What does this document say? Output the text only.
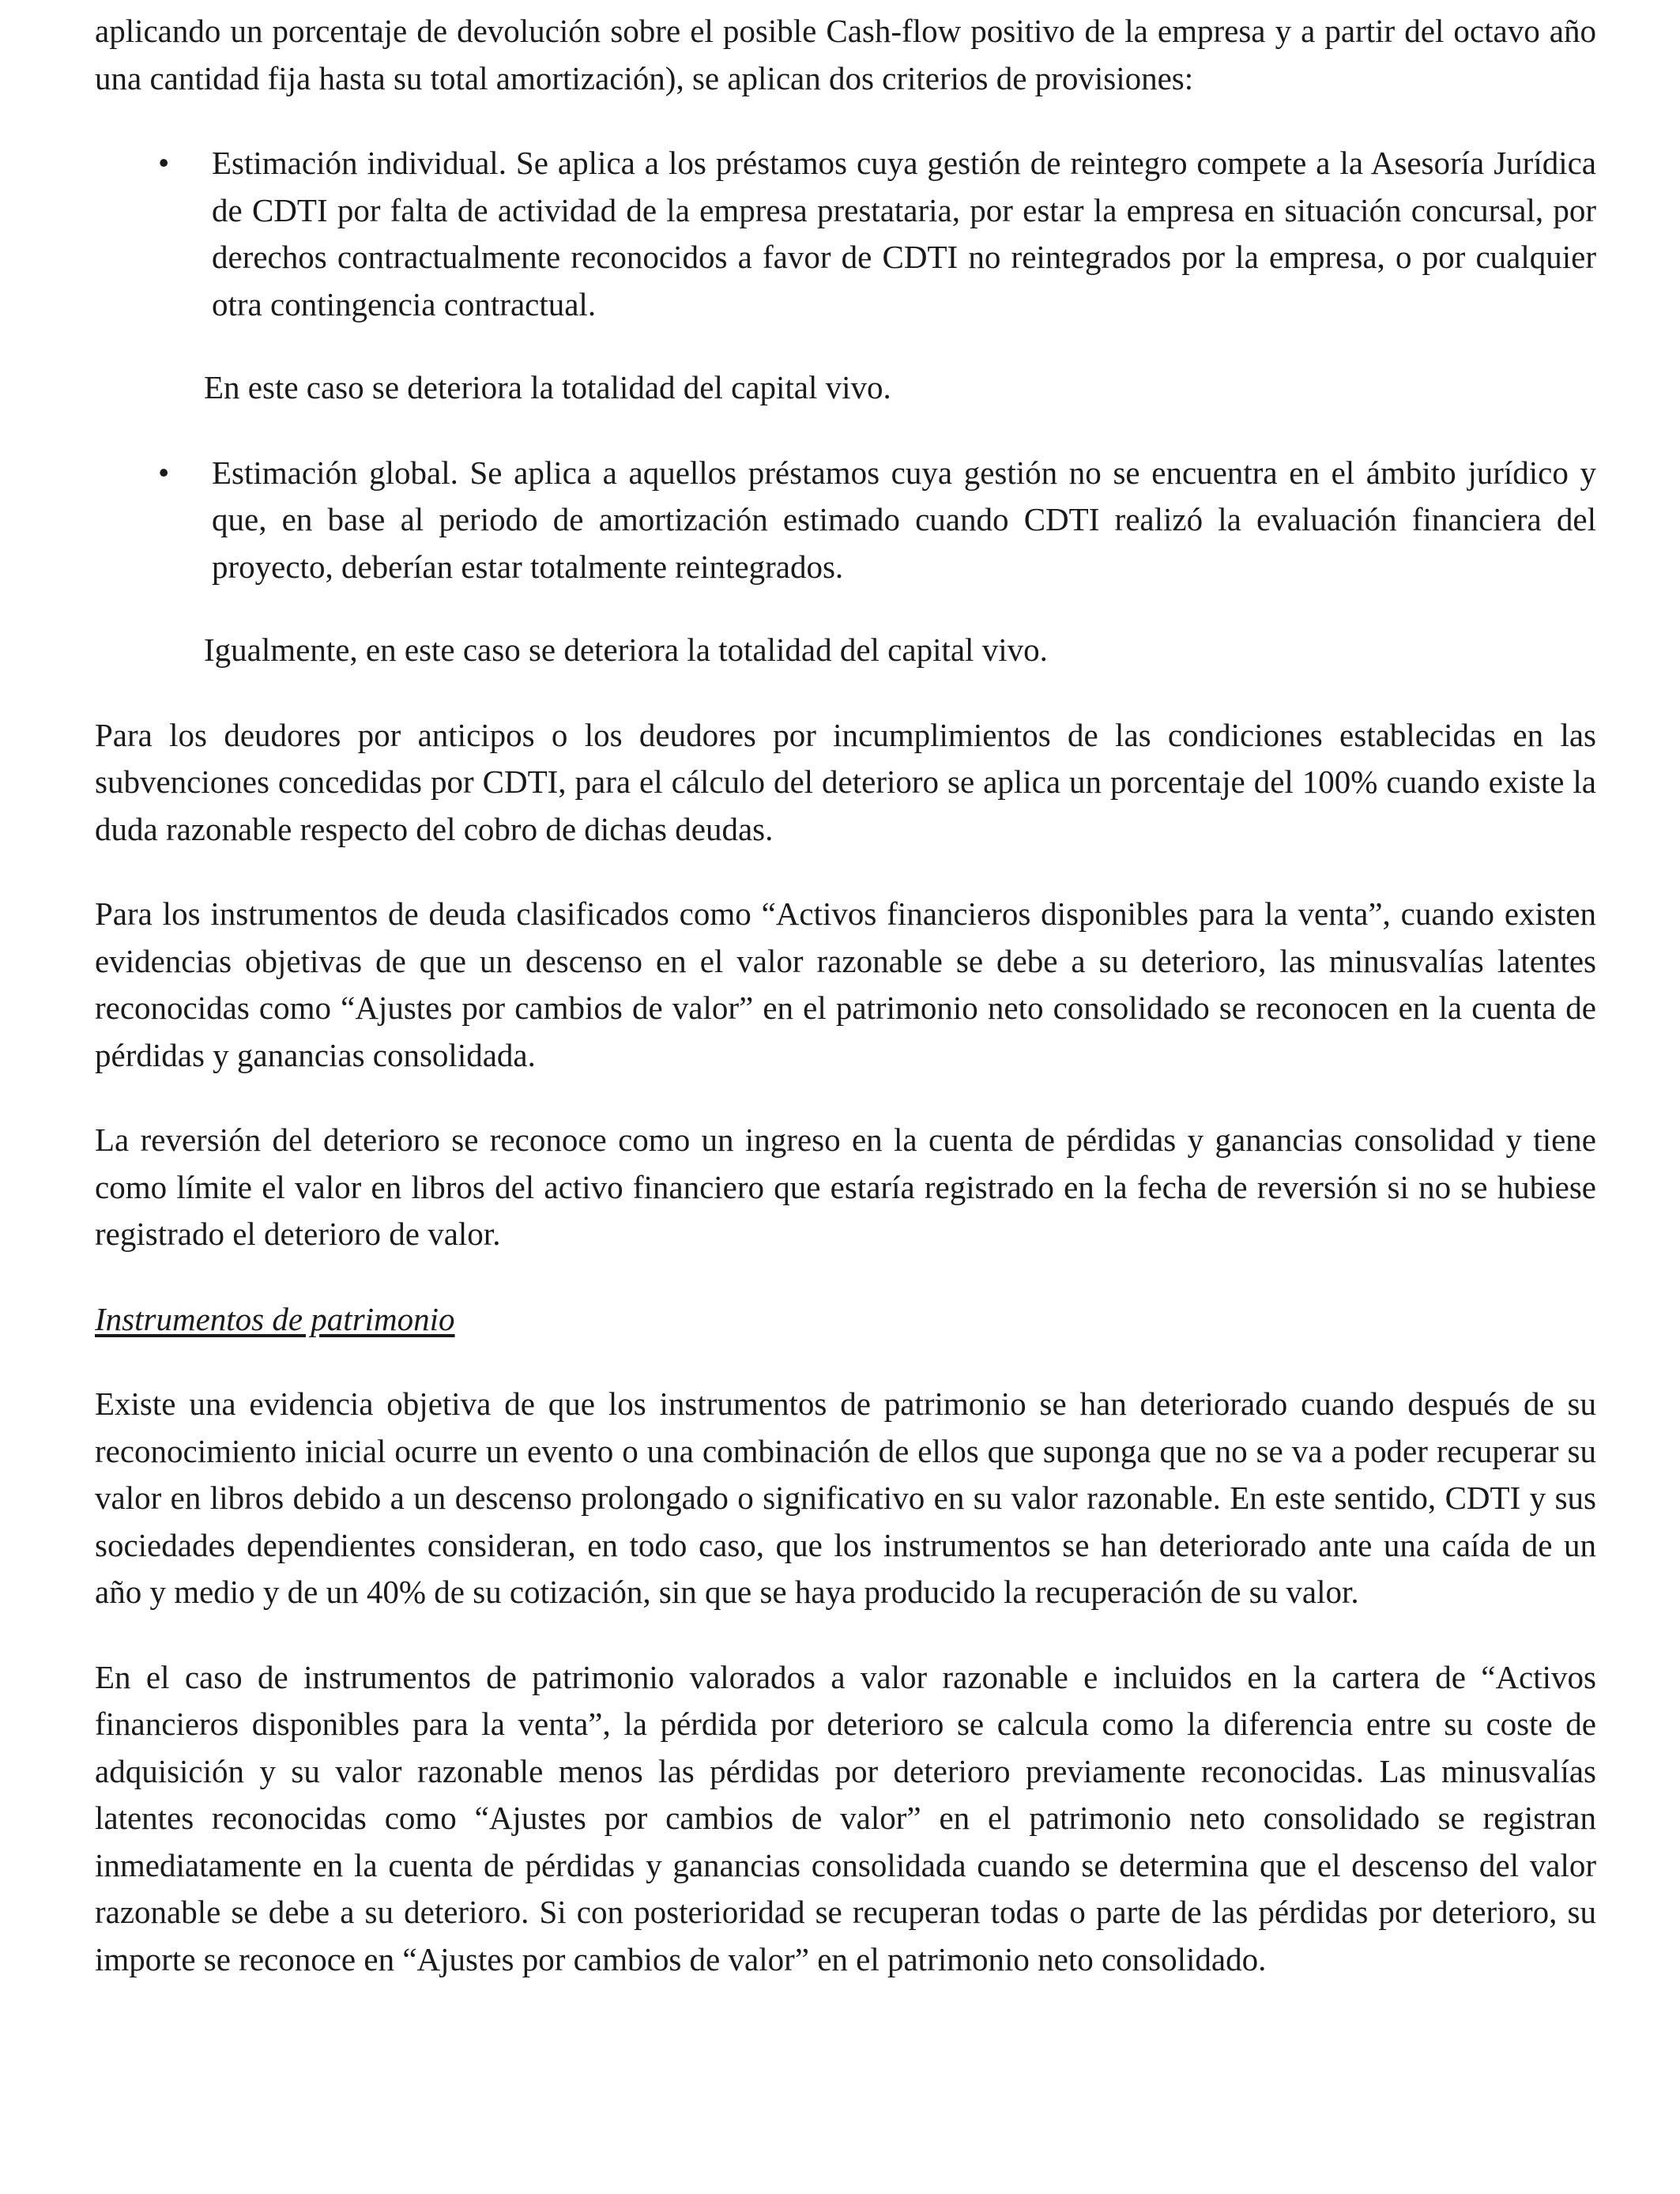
aplicando un porcentaje de devolución sobre el posible Cash-flow positivo de la empresa y a partir del octavo año una cantidad fija hasta su total amortización), se aplican dos criterios de provisiones:

• Estimación individual. Se aplica a los préstamos cuya gestión de reintegro compete a la Asesoría Jurídica de CDTI por falta de actividad de la empresa prestataria, por estar la empresa en situación concursal, por derechos contractualmente reconocidos a favor de CDTI no reintegrados por la empresa, o por cualquier otra contingencia contractual.

En este caso se deteriora la totalidad del capital vivo.

• Estimación global. Se aplica a aquellos préstamos cuya gestión no se encuentra en el ámbito jurídico y que, en base al periodo de amortización estimado cuando CDTI realizó la evaluación financiera del proyecto, deberían estar totalmente reintegrados.

Igualmente, en este caso se deteriora la totalidad del capital vivo.

Para los deudores por anticipos o los deudores por incumplimientos de las condiciones establecidas en las subvenciones concedidas por CDTI, para el cálculo del deterioro se aplica un porcentaje del 100% cuando existe la duda razonable respecto del cobro de dichas deudas.

Para los instrumentos de deuda clasificados como “Activos financieros disponibles para la venta”, cuando existen evidencias objetivas de que un descenso en el valor razonable se debe a su deterioro, las minusvalías latentes reconocidas como “Ajustes por cambios de valor” en el patrimonio neto consolidado se reconocen en la cuenta de pérdidas y ganancias consolidada.

La reversión del deterioro se reconoce como un ingreso en la cuenta de pérdidas y ganancias consolidad y tiene como límite el valor en libros del activo financiero que estaría registrado en la fecha de reversión si no se hubiese registrado el deterioro de valor.

Instrumentos de patrimonio

Existe una evidencia objetiva de que los instrumentos de patrimonio se han deteriorado cuando después de su reconocimiento inicial ocurre un evento o una combinación de ellos que suponga que no se va a poder recuperar su valor en libros debido a un descenso prolongado o significativo en su valor razonable. En este sentido, CDTI y sus sociedades dependientes consideran, en todo caso, que los instrumentos se han deteriorado ante una caída de un año y medio y de un 40% de su cotización, sin que se haya producido la recuperación de su valor.

En el caso de instrumentos de patrimonio valorados a valor razonable e incluidos en la cartera de “Activos financieros disponibles para la venta”, la pérdida por deterioro se calcula como la diferencia entre su coste de adquisición y su valor razonable menos las pérdidas por deterioro previamente reconocidas. Las minusvalías latentes reconocidas como “Ajustes por cambios de valor” en el patrimonio neto consolidado se registran inmediatamente en la cuenta de pérdidas y ganancias consolidada cuando se determina que el descenso del valor razonable se debe a su deterioro. Si con posterioridad se recuperan todas o parte de las pérdidas por deterioro, su importe se reconoce en “Ajustes por cambios de valor” en el patrimonio neto consolidado.
